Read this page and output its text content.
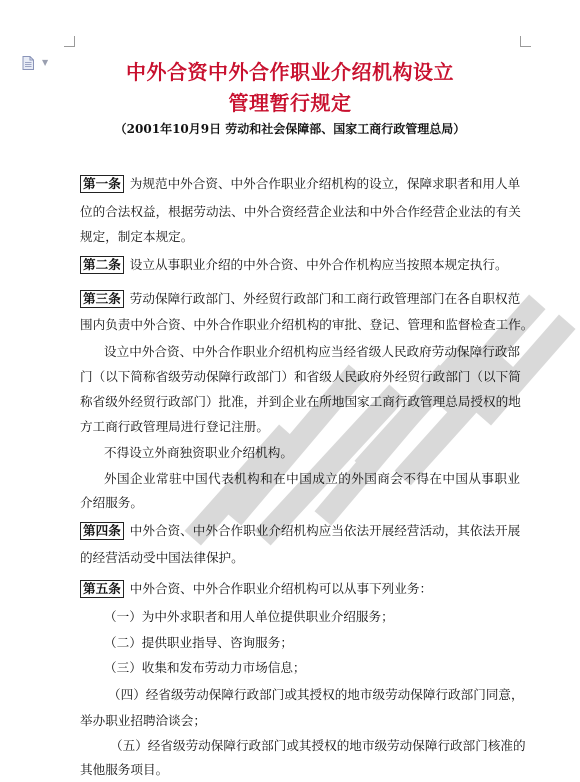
▼	中外合资中外合作职业介绍机构设立
管理暂行规定
（2001年10月9日 劳动和社会保障部、国家工商行政管理总局）
第一条 为规范中外合资、中外合作职业介绍机构的设立，保障求职者和用人单
位的合法权益，根据劳动法、中外合资经营企业法和中外合作经营企业法的有关
规定，制定本规定。
第二条 设立从事职业介绍的中外合资、中外合作机构应当按照本规定执行。
第三条 劳动保障行政部门、外经贸行政部门和工商行政管理部门在各自职权范
围内负责中外合资、中外合作职业介绍机构的审批、登记、管理和监督检查工作。
设立中外合资、中外合作职业介绍机构应当经省级人民政府劳动保障行政部
门（以下简称省级劳动保障行政部门）和省级人民政府外经贸行政部门（以下简
称省级外经贸行政部门）批准，并到企业在所地国家工商行政管理总局授权的地
方工商行政管理局进行登记注册。
不得设立外商独资职业介绍机构。
外国企业常驻中国代表机构和在中国成立的外国商会不得在中国从事职业
介绍服务。
第四条 中外合资、中外合作职业介绍机构应当依法开展经营活动，其依法开展
的经营活动受中国法律保护。
第五条 中外合资、中外合作职业介绍机构可以从事下列业务：
（一）为中外求职者和用人单位提供职业介绍服务；
（二）提供职业指导、咨询服务；
（三）收集和发布劳动力市场信息；
（四）经省级劳动保障行政部门或其授权的地市级劳动保障行政部门同意，
举办职业招聘洽谈会；
（五）经省级劳动保障行政部门或其授权的地市级劳动保障行政部门核准的
其他服务项目。
